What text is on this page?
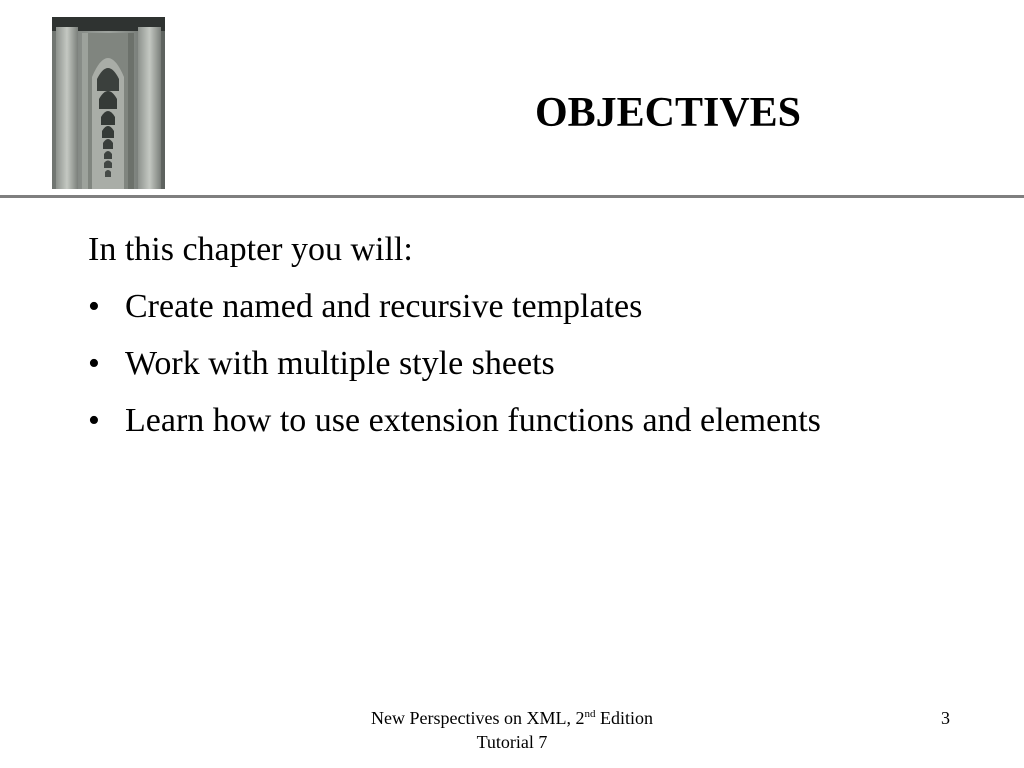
OBJECTIVES

In this chapter you will:

• Create named and recursive templates
• Work with multiple style sheets
• Learn how to use extension functions and elements
New Perspectives on XML, 2nd Edition
Tutorial 7
3
